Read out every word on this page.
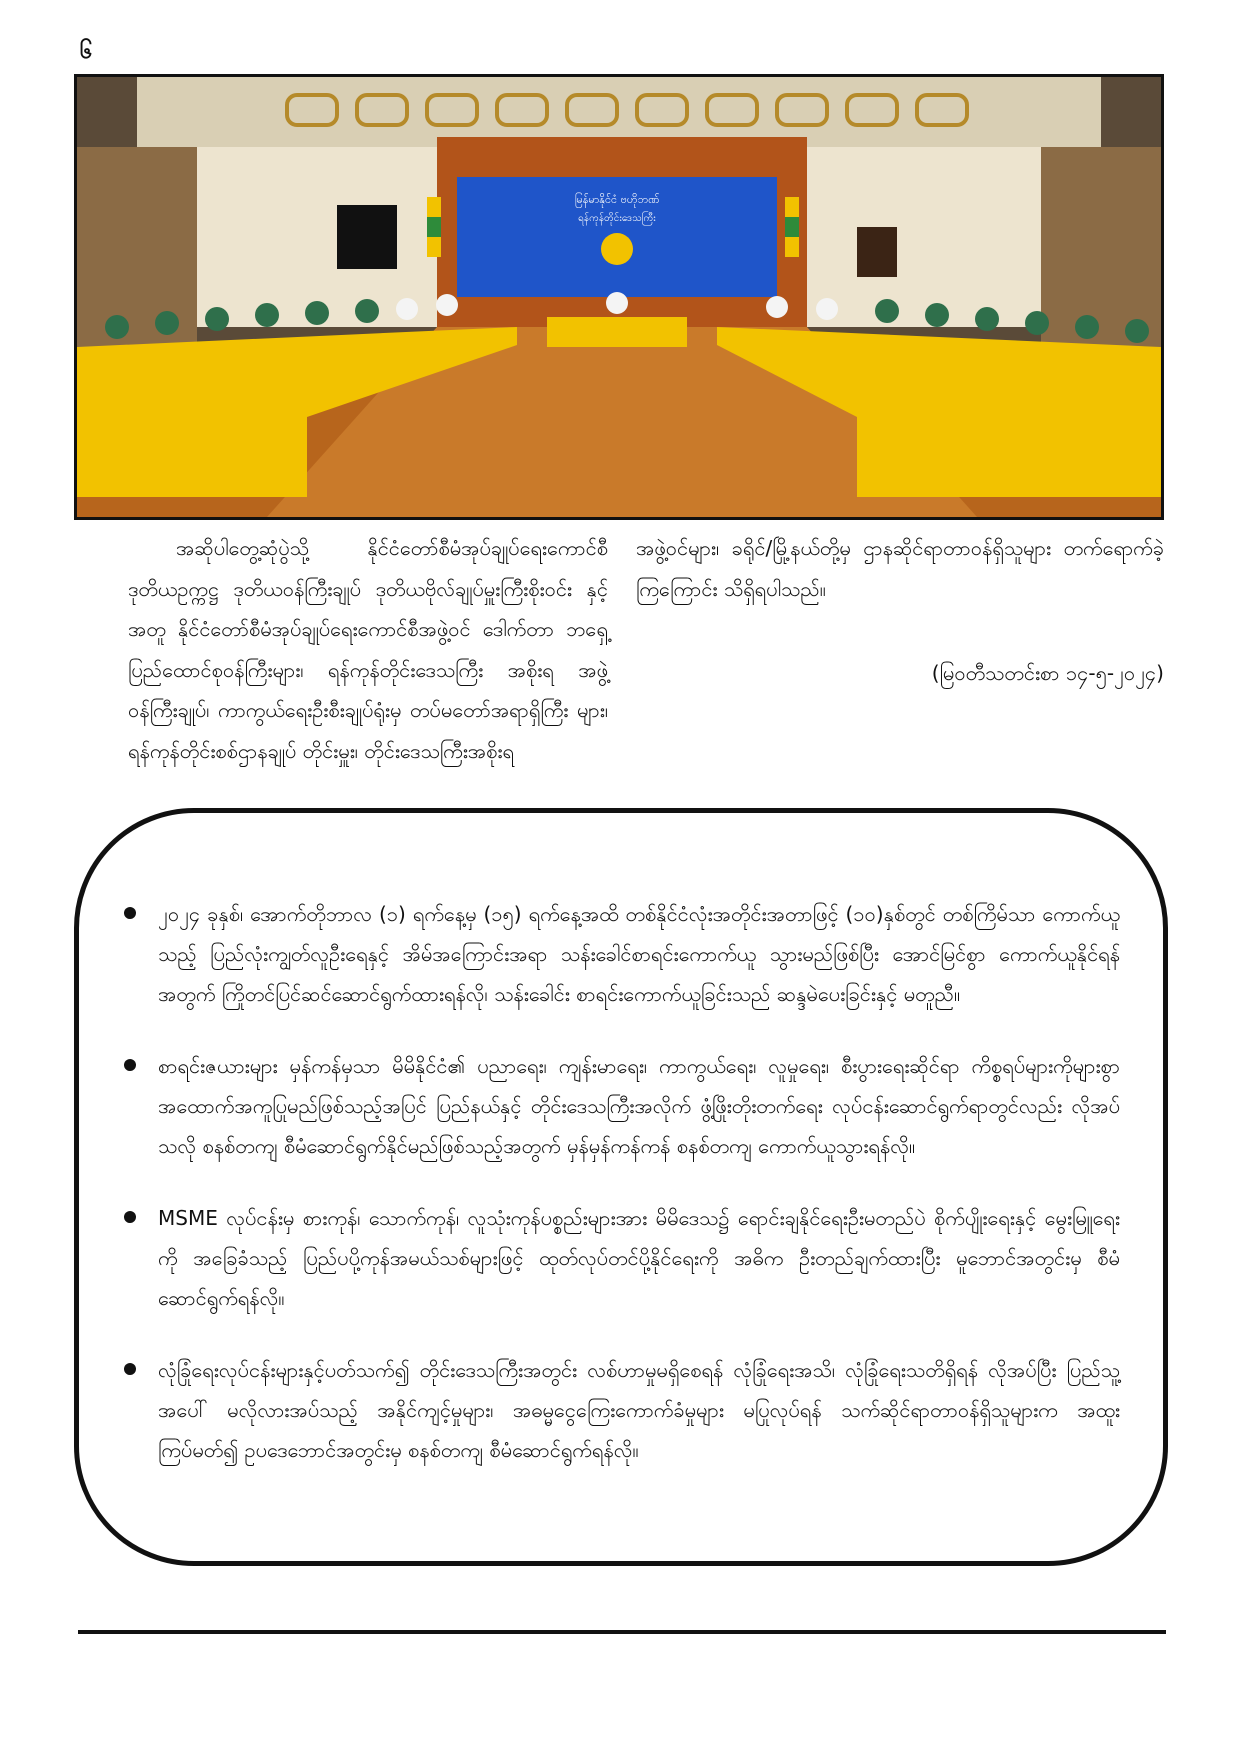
၆
မြန်မာနိုင်ငံ ဗဟိုဘဏ်
ရန်ကုန်တိုင်းဒေသကြီး
အဆိုပါတွေ့ဆုံပွဲသို့ နိုင်ငံတော်စီမံအုပ်ချုပ်ရေးကောင်စီ ဒုတိယဥက္ကဋ္ဌ ဒုတိယဝန်ကြီးချုပ် ဒုတိယဗိုလ်ချုပ်မှူးကြီးစိုးဝင်း နှင့်အတူ နိုင်ငံတော်စီမံအုပ်ချုပ်ရေးကောင်စီအဖွဲ့ဝင် ဒေါက်တာ ဘရှေ့ ပြည်ထောင်စုဝန်ကြီးများ၊ ရန်ကုန်တိုင်းဒေသကြီး အစိုးရ အဖွဲ့ဝန်ကြီးချုပ်၊ ကာကွယ်ရေးဦးစီးချုပ်ရုံးမှ တပ်မတော်အရာရှိကြီး များ၊ ရန်ကုန်တိုင်းစစ်ဌာနချုပ် တိုင်းမှူး၊ တိုင်းဒေသကြီးအစိုးရ
အဖွဲ့ဝင်များ၊ ခရိုင်/မြို့နယ်တို့မှ ဌာနဆိုင်ရာတာဝန်ရှိသူများ တက်ရောက်ခဲ့ကြကြောင်း သိရှိရပါသည်။
(မြဝတီသတင်းစာ ၁၄-၅-၂၀၂၄)
၂၀၂၄ ခုနှစ်၊ အောက်တိုဘာလ (၁) ရက်နေ့မှ (၁၅) ရက်နေ့အထိ တစ်နိုင်ငံလုံးအတိုင်းအတာဖြင့် (၁၀)နှစ်တွင် တစ်ကြိမ်သာ ကောက်ယူသည့် ပြည်လုံးကျွတ်လူဦးရေနှင့် အိမ်အကြောင်းအရာ သန်းခေါင်စာရင်းကောက်ယူ သွားမည်ဖြစ်ပြီး အောင်မြင်စွာ ကောက်ယူနိုင်ရန်အတွက် ကြိုတင်ပြင်ဆင်ဆောင်ရွက်ထားရန်လို၊ သန်းခေါင်း စာရင်းကောက်ယူခြင်းသည် ဆန္ဒမဲပေးခြင်းနှင့် မတူညီ။
စာရင်းဇယားများ မှန်ကန်မှသာ မိမိနိုင်ငံ၏ ပညာရေး၊ ကျန်းမာရေး၊ ကာကွယ်ရေး၊ လူမှုရေး၊ စီးပွားရေးဆိုင်ရာ ကိစ္စရပ်များကိုများစွာ အထောက်အကူပြုမည်ဖြစ်သည့်အပြင် ပြည်နယ်နှင့် တိုင်းဒေသကြီးအလိုက် ဖွံ့ဖြိုးတိုးတက်ရေး လုပ်ငန်းဆောင်ရွက်ရာတွင်လည်း လိုအပ်သလို စနစ်တကျ စီမံဆောင်ရွက်နိုင်မည်ဖြစ်သည့်အတွက် မှန်မှန်ကန်ကန် စနစ်တကျ ကောက်ယူသွားရန်လို။
MSME လုပ်ငန်းမှ စားကုန်၊ သောက်ကုန်၊ လူသုံးကုန်ပစ္စည်းများအား မိမိဒေသ၌ ရောင်းချနိုင်ရေးဦးမတည်ပဲ စိုက်ပျိုးရေးနှင့် မွေးမြူရေးကို အခြေခံသည့် ပြည်ပပို့ကုန်အမယ်သစ်များဖြင့် ထုတ်လုပ်တင်ပို့နိုင်ရေးကို အဓိက ဦးတည်ချက်ထားပြီး မူဘောင်အတွင်းမှ စီမံဆောင်ရွက်ရန်လို။
လုံခြုံရေးလုပ်ငန်းများနှင့်ပတ်သက်၍ တိုင်းဒေသကြီးအတွင်း လစ်ဟာမှုမရှိစေရန် လုံခြုံရေးအသိ၊ လုံခြုံရေးသတိရှိရန် လိုအပ်ပြီး ပြည်သူ့အပေါ် မလိုလားအပ်သည့် အနိုင်ကျင့်မှုများ၊ အဓမ္မငွေကြေးကောက်ခံမှုများ မပြုလုပ်ရန် သက်ဆိုင်ရာတာဝန်ရှိသူများက အထူးကြပ်မတ်၍ ဥပဒေဘောင်အတွင်းမှ စနစ်တကျ စီမံဆောင်ရွက်ရန်လို။
